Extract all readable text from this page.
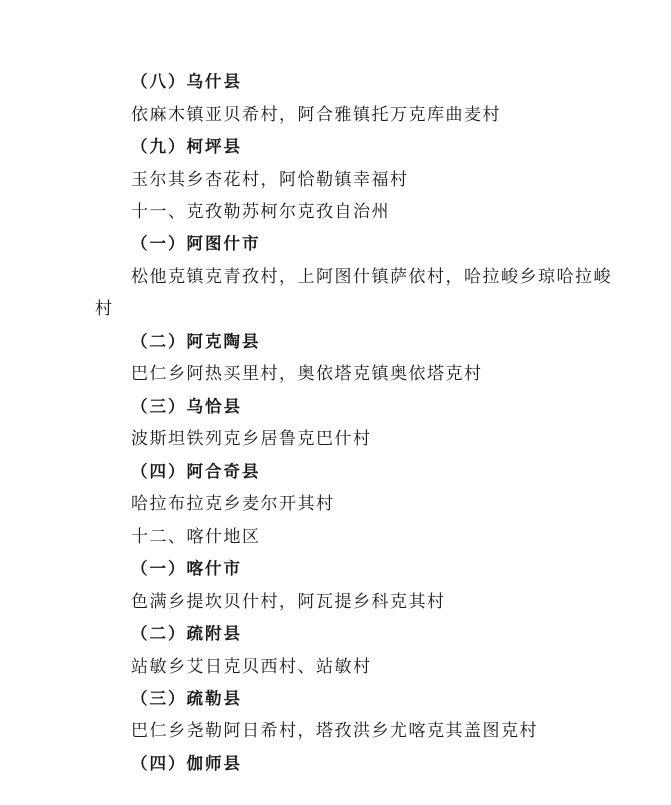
（八）乌什县
依麻木镇亚贝希村，阿合雅镇托万克库曲麦村
（九）柯坪县
玉尔其乡杏花村，阿恰勒镇幸福村
十一、克孜勒苏柯尔克孜自治州
（一）阿图什市
松他克镇克青孜村，上阿图什镇萨依村，哈拉峻乡琼哈拉峻
村
（二）阿克陶县
巴仁乡阿热买里村，奥依塔克镇奥依塔克村
（三）乌恰县
波斯坦铁列克乡居鲁克巴什村
（四）阿合奇县
哈拉布拉克乡麦尔开其村
十二、喀什地区
（一）喀什市
色满乡提坎贝什村，阿瓦提乡科克其村
（二）疏附县
站敏乡艾日克贝西村、站敏村
（三）疏勒县
巴仁乡尧勒阿日希村，塔孜洪乡尤喀克其盖图克村
（四）伽师县
